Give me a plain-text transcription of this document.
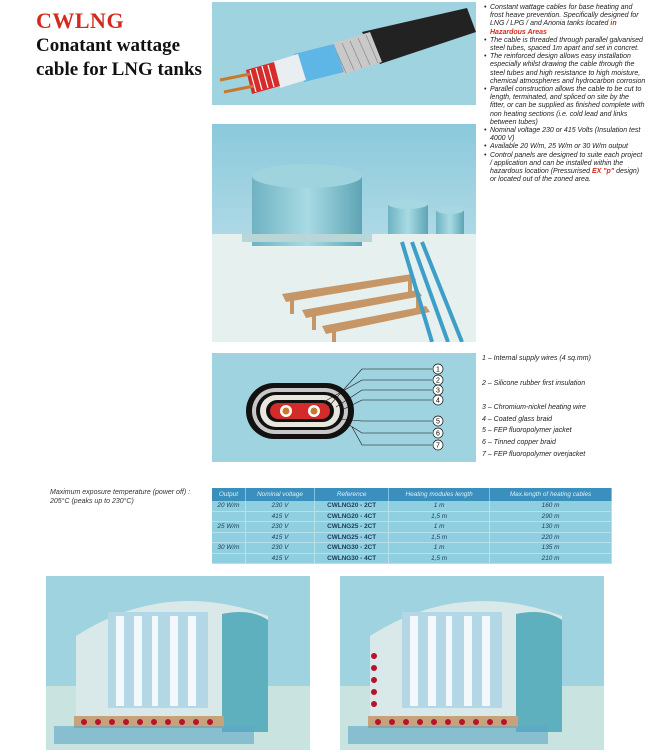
CWLNG
Conatant wattage
cable for LNG tanks
• Constant wattage cables for base heating and frost heave prevention. Specifically designed for LNG / LPG / and Anonia tanks located in Hazardous Areas
• The cable is threaded through parallel galvanised steel tubes, spaced 1m apart and set in concret.
• The reinforced design allows easy installation especially whilst drawing the cable through the steel tubes and high resistance to high moisture, chemical atmospheres and hydrocarbon corrosion
• Parallel construction allows the cable to be cut to length, terminated, and spliced on site by the fitter, or can be supplied as finished complete with non heating sections (i.e. cold lead and links between tubes)
• Nominal voltage 230 or 415 Volts (Insulation test 4000 V)
• Available 20 W/m, 25 W/m or 30 W/m output
• Control panels are designed to suite each project / application and can be installed within the hazardous location (Pressurised EX "p" design) or located out of the zoned area.
1
2
3
4
5
6
7
1 – Internal supply wires (4 sq.mm)
2 – Silicone rubber first insulation
3 – Chromium-nickel heating wire
4 – Coated glass braid
5 – FEP fluoropolymer jacket
6 – Tinned copper braid
7 – FEP fluoropolymer overjacket
Maximum exposure temperature (power off) :
205°C (peaks up to 230°C)
Output	Nominal voltage	Reference	Heating modules length	Max.length of heating cables
20 W/m	230 V	CWLNG20 - 2CT	1 m	160 m
	415 V	CWLNG20 - 4CT	1,5 m	290 m
25 W/m	230 V	CWLNG25 - 2CT	1 m	130 m
	415 V	CWLNG25 - 4CT	1,5 m	220 m
30 W/m	230 V	CWLNG30 - 2CT	1 m	135 m
	415 V	CWLNG30 - 4CT	1,5 m	210 m
